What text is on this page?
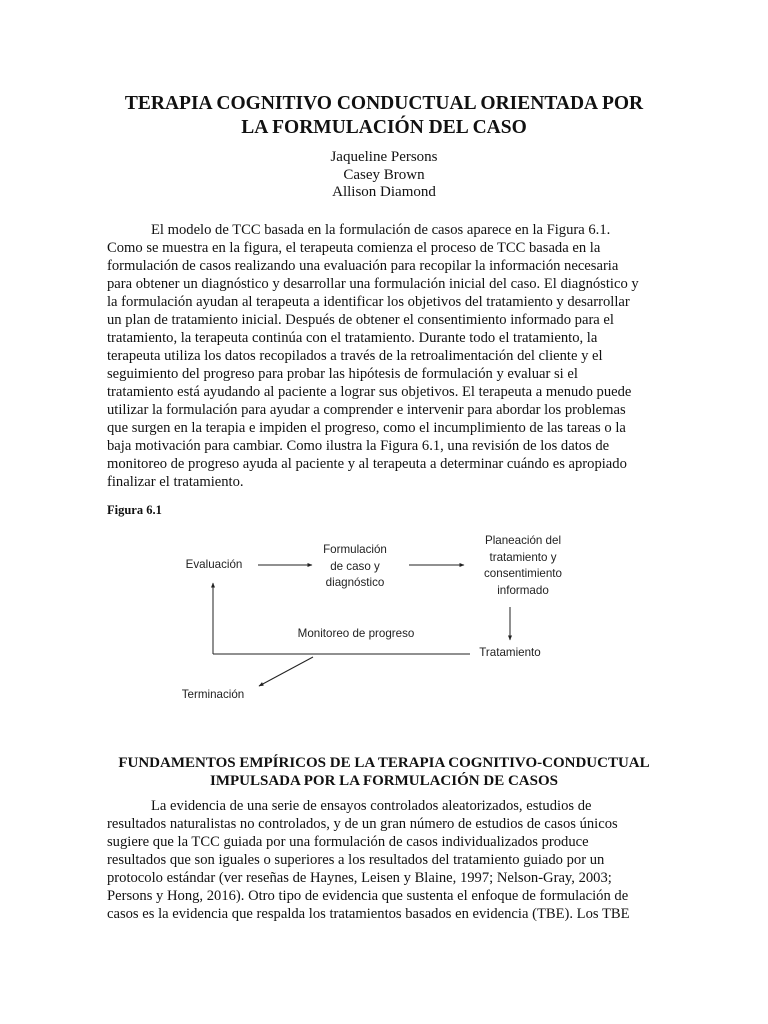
TERAPIA COGNITIVO CONDUCTUAL ORIENTADA POR
LA FORMULACIÓN DEL CASO
Jaqueline Persons
Casey Brown
Allison Diamond

El modelo de TCC basada en la formulación de casos aparece en la Figura 6.1.
Como se muestra en la figura, el terapeuta comienza el proceso de TCC basada en la
formulación de casos realizando una evaluación para recopilar la información necesaria
para obtener un diagnóstico y desarrollar una formulación inicial del caso. El diagnóstico y
la formulación ayudan al terapeuta a identificar los objetivos del tratamiento y desarrollar
un plan de tratamiento inicial. Después de obtener el consentimiento informado para el
tratamiento, la terapeuta continúa con el tratamiento. Durante todo el tratamiento, la
terapeuta utiliza los datos recopilados a través de la retroalimentación del cliente y el
seguimiento del progreso para probar las hipótesis de formulación y evaluar si el
tratamiento está ayudando al paciente a lograr sus objetivos. El terapeuta a menudo puede
utilizar la formulación para ayudar a comprender e intervenir para abordar los problemas
que surgen en la terapia e impiden el progreso, como el incumplimiento de las tareas o la
baja motivación para cambiar. Como ilustra la Figura 6.1, una revisión de los datos de
monitoreo de progreso ayuda al paciente y al terapeuta a determinar cuándo es apropiado
finalizar el tratamiento.

Figura 6.1
Evaluación
Formulación
de caso y
diagnóstico
Planeación del
tratamiento y
consentimiento
informado
Monitoreo de progreso
Tratamiento
Terminación
FUNDAMENTOS EMPÍRICOS DE LA TERAPIA COGNITIVO-CONDUCTUAL
IMPULSADA POR LA FORMULACIÓN DE CASOS

La evidencia de una serie de ensayos controlados aleatorizados, estudios de
resultados naturalistas no controlados, y de un gran número de estudios de casos únicos
sugiere que la TCC guiada por una formulación de casos individualizados produce
resultados que son iguales o superiores a los resultados del tratamiento guiado por un
protocolo estándar (ver reseñas de Haynes, Leisen y Blaine, 1997; Nelson-Gray, 2003;
Persons y Hong, 2016). Otro tipo de evidencia que sustenta el enfoque de formulación de
casos es la evidencia que respalda los tratamientos basados en evidencia (TBE). Los TBE
